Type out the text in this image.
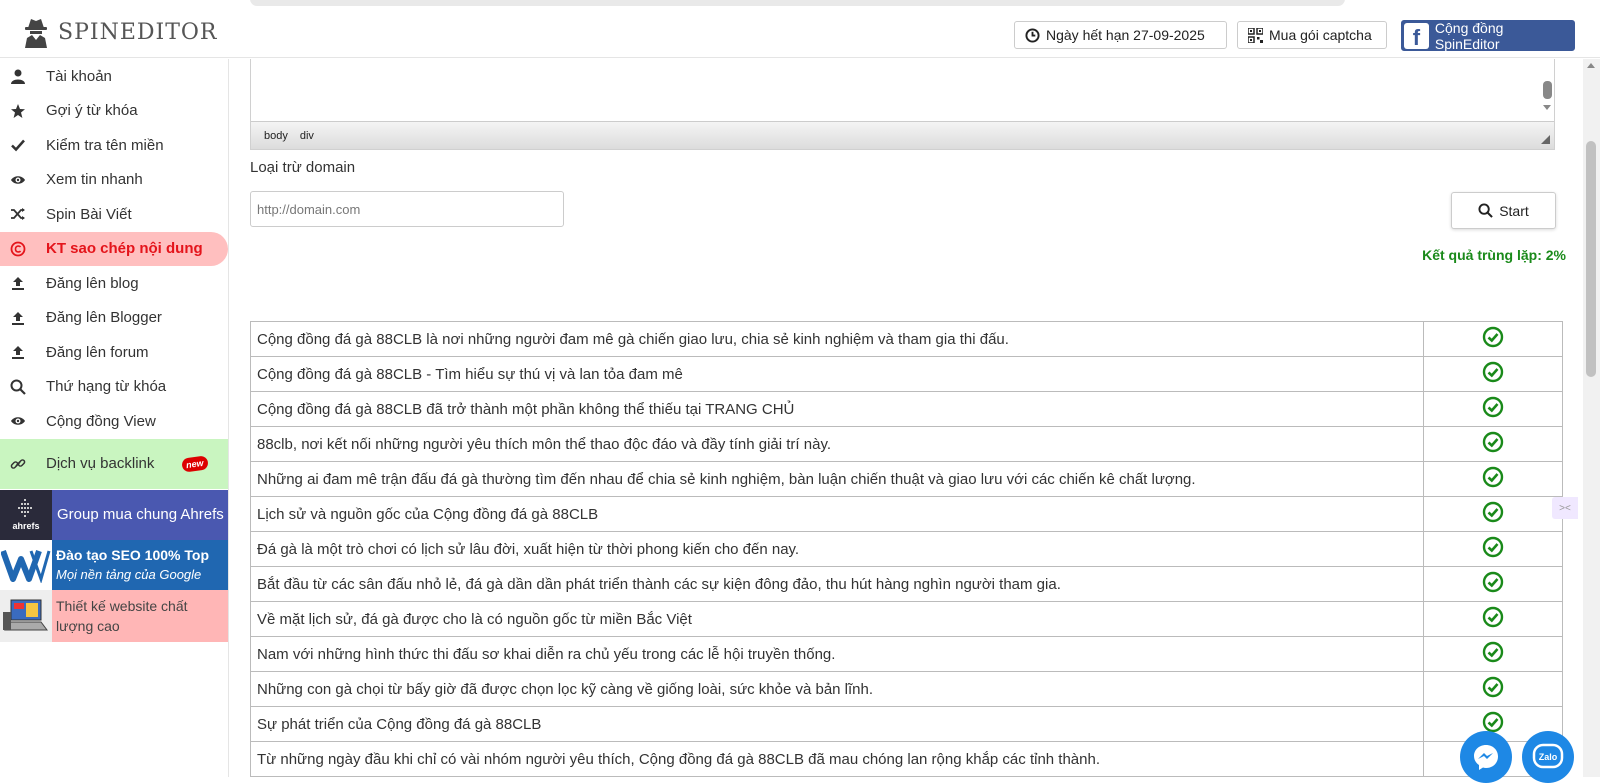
SPINEDITOR	Ngày hết hạn 27-09-2025	Mua gói captcha	f	Cộng đồng SpinEditor
Tài khoản
Gợi ý từ khóa
Kiểm tra tên miền
Xem tin nhanh
Spin Bài Viết
KT sao chép nội dung
Đăng lên blog
Đăng lên Blogger
Đăng lên forum
Thứ hạng từ khóa
Cộng đồng View
Dịch vụ backlink	new
ahrefs
Group mua chung Ahrefs
Đào tạo SEO 100% Top
Mọi nền tảng của Google
Thiết kế website chất lượng cao
body div
Loại trừ domain
http://domain.com
Start
Kết quả trùng lặp: 2%
Cộng đồng đá gà 88CLB là nơi những người đam mê gà chiến giao lưu, chia sẻ kinh nghiệm và tham gia thi đấu.	
Cộng đồng đá gà 88CLB - Tìm hiểu sự thú vị và lan tỏa đam mê	
Cộng đồng đá gà 88CLB đã trở thành một phần không thể thiếu tại TRANG CHỦ	
88clb, nơi kết nối những người yêu thích môn thể thao độc đáo và đầy tính giải trí này.	
Những ai đam mê trận đấu đá gà thường tìm đến nhau để chia sẻ kinh nghiệm, bàn luận chiến thuật và giao lưu với các chiến kê chất lượng.	
Lịch sử và nguồn gốc của Cộng đồng đá gà 88CLB	
Đá gà là một trò chơi có lịch sử lâu đời, xuất hiện từ thời phong kiến cho đến nay.	
Bắt đầu từ các sân đấu nhỏ lẻ, đá gà dần dần phát triển thành các sự kiện đông đảo, thu hút hàng nghìn người tham gia.	
Về mặt lịch sử, đá gà được cho là có nguồn gốc từ miền Bắc Việt	
Nam với những hình thức thi đấu sơ khai diễn ra chủ yếu trong các lễ hội truyền thống.	
Những con gà chọi từ bấy giờ đã được chọn lọc kỹ càng về giống loài, sức khỏe và bản lĩnh.	
Sự phát triển của Cộng đồng đá gà 88CLB	
Từ những ngày đầu khi chỉ có vài nhóm người yêu thích, Cộng đồng đá gà 88CLB đã mau chóng lan rộng khắp các tỉnh thành.	
><
Zalo
